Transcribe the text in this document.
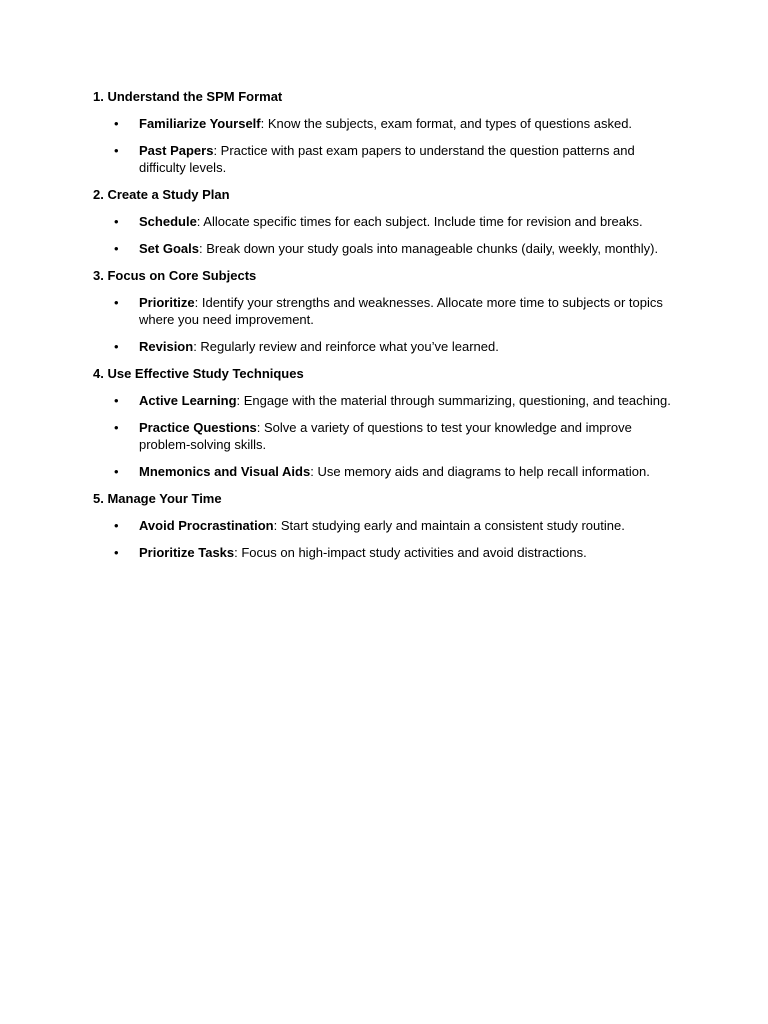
1. Understand the SPM Format
• Familiarize Yourself: Know the subjects, exam format, and types of questions asked.
• Past Papers: Practice with past exam papers to understand the question patterns and difficulty levels.
2. Create a Study Plan
• Schedule: Allocate specific times for each subject. Include time for revision and breaks.
• Set Goals: Break down your study goals into manageable chunks (daily, weekly, monthly).
3. Focus on Core Subjects
• Prioritize: Identify your strengths and weaknesses. Allocate more time to subjects or topics where you need improvement.
• Revision: Regularly review and reinforce what you’ve learned.
4. Use Effective Study Techniques
• Active Learning: Engage with the material through summarizing, questioning, and teaching.
• Practice Questions: Solve a variety of questions to test your knowledge and improve problem-solving skills.
• Mnemonics and Visual Aids: Use memory aids and diagrams to help recall information.
5. Manage Your Time
• Avoid Procrastination: Start studying early and maintain a consistent study routine.
• Prioritize Tasks: Focus on high-impact study activities and avoid distractions.
